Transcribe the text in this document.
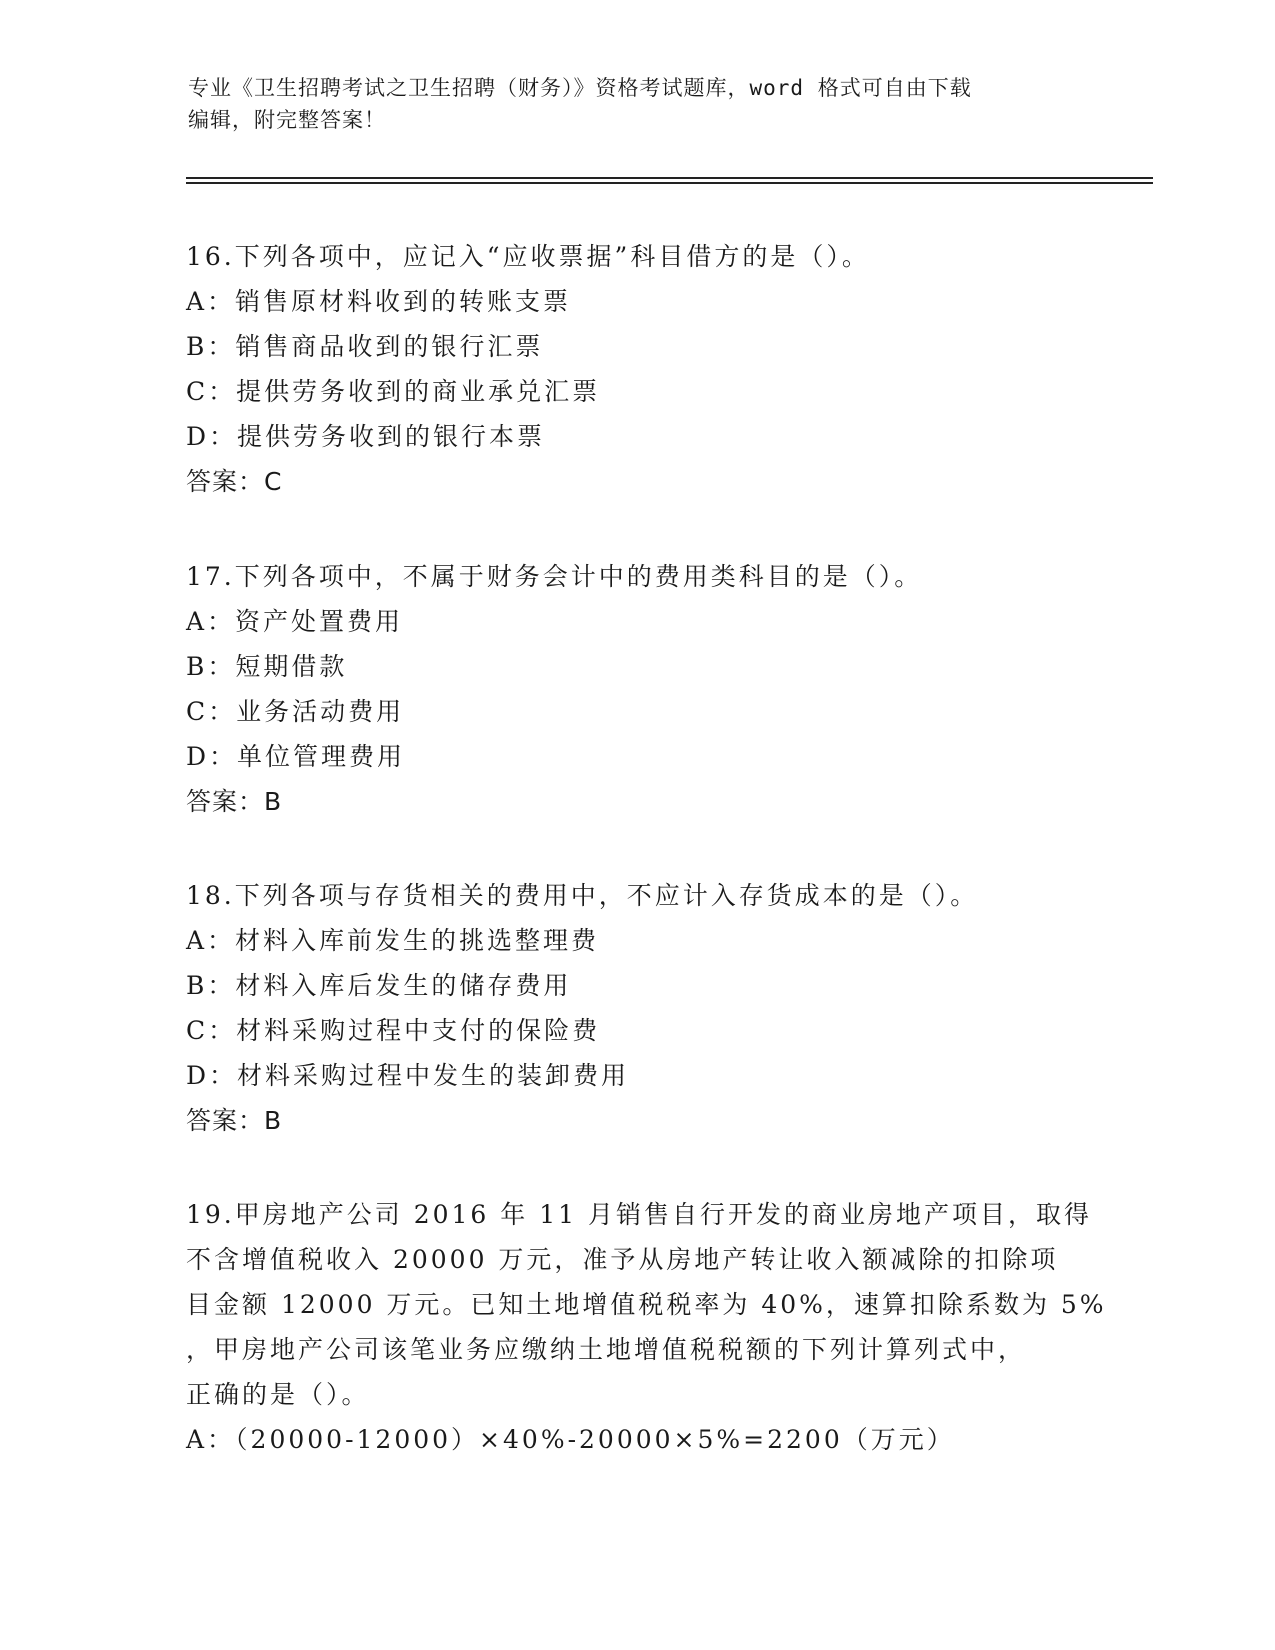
专业《卫生招聘考试之卫生招聘（财务）》资格考试题库，word 格式可自由下载
编辑，附完整答案！
16.下列各项中，应记入“应收票据”科目借方的是（）。
A：销售原材料收到的转账支票
B：销售商品收到的银行汇票
C：提供劳务收到的商业承兑汇票
D：提供劳务收到的银行本票
答案：C
17.下列各项中，不属于财务会计中的费用类科目的是（）。
A：资产处置费用
B：短期借款
C：业务活动费用
D：单位管理费用
答案：B
18.下列各项与存货相关的费用中，不应计入存货成本的是（）。
A：材料入库前发生的挑选整理费
B：材料入库后发生的储存费用
C：材料采购过程中支付的保险费
D：材料采购过程中发生的装卸费用
答案：B
19.甲房地产公司 2016 年 11 月销售自行开发的商业房地产项目，取得
不含增值税收入 20000 万元，准予从房地产转让收入额减除的扣除项
目金额 12000 万元。已知土地增值税税率为 40%，速算扣除系数为 5%
，甲房地产公司该笔业务应缴纳土地增值税税额的下列计算列式中，
正确的是（）。
A：（20000-12000）×40%-20000×5%=2200（万元）
